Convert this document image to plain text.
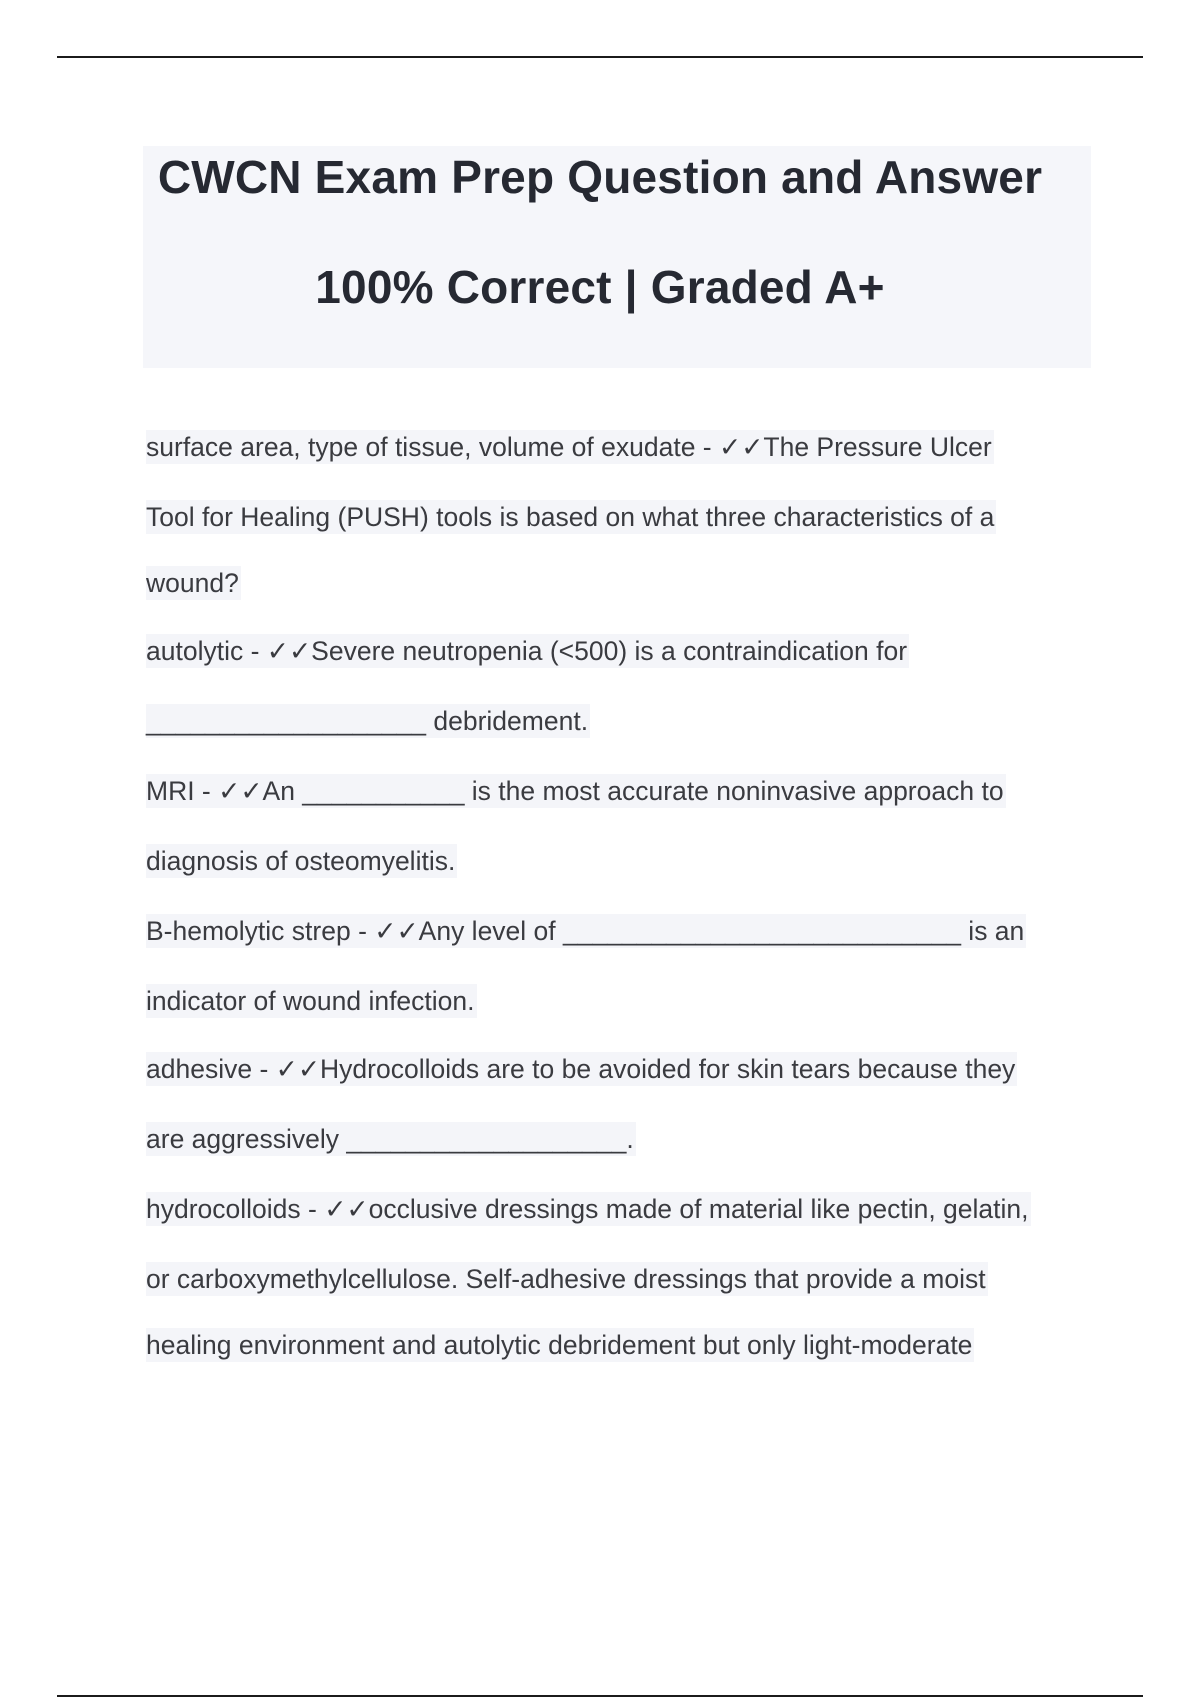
CWCN Exam Prep Question and Answer
100% Correct | Graded A+
surface area, type of tissue, volume of exudate - ✓✓The Pressure Ulcer
Tool for Healing (PUSH) tools is based on what three characteristics of a
wound?
autolytic - ✓✓Severe neutropenia (<500) is a contraindication for
___________________ debridement.
MRI - ✓✓An ___________ is the most accurate noninvasive approach to
diagnosis of osteomyelitis.
B-hemolytic strep - ✓✓Any level of ___________________________ is an
indicator of wound infection.
adhesive - ✓✓Hydrocolloids are to be avoided for skin tears because they
are aggressively ___________________.
hydrocolloids - ✓✓occlusive dressings made of material like pectin, gelatin,
or carboxymethylcellulose. Self-adhesive dressings that provide a moist
healing environment and autolytic debridement but only light-moderate
